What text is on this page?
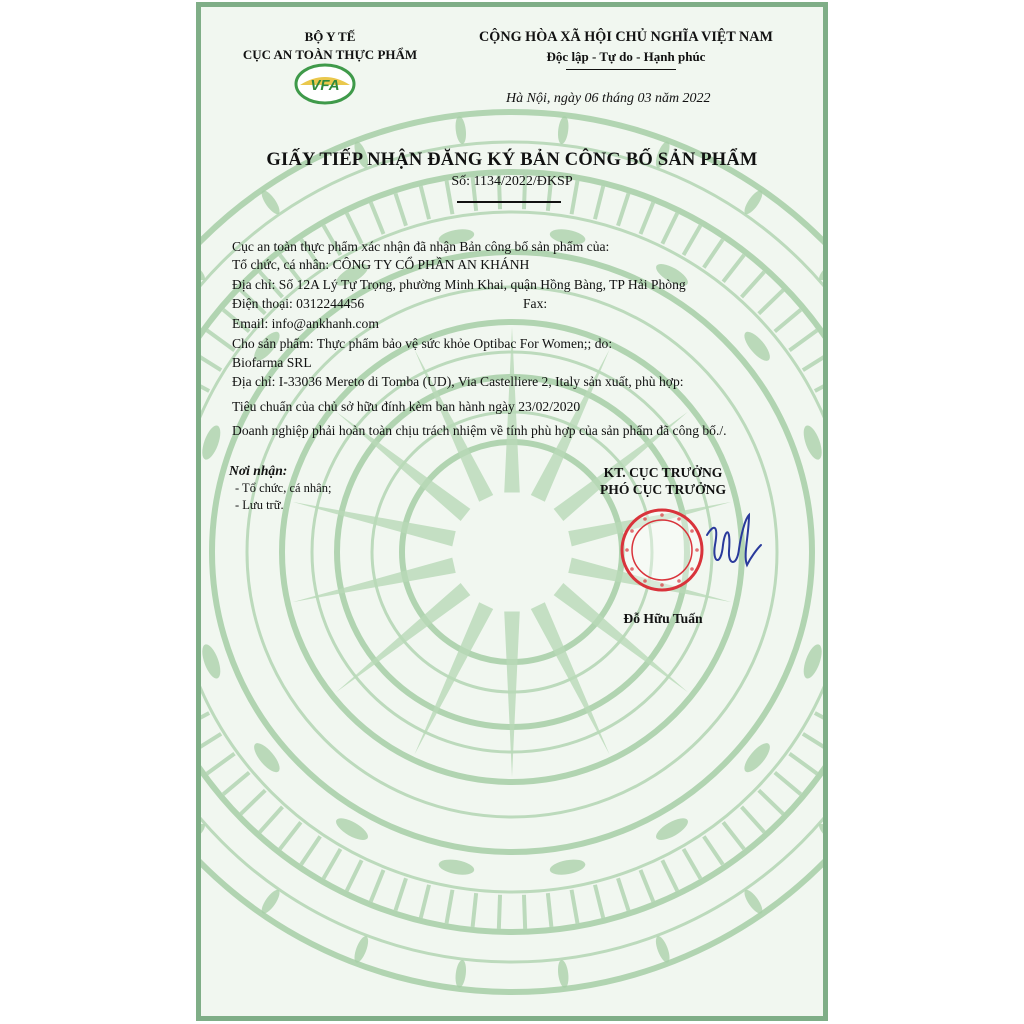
BỘ Y TẾ
CỤC AN TOÀN THỰC PHẨM
VFA
CỘNG HÒA XÃ HỘI CHỦ NGHĨA VIỆT NAM
Độc lập - Tự do - Hạnh phúc
Hà Nội, ngày 06 tháng 03 năm 2022
GIẤY TIẾP NHẬN ĐĂNG KÝ BẢN CÔNG BỐ SẢN PHẨM
Số: 1134/2022/ĐKSP
Cục an toàn thực phẩm xác nhận đã nhận Bản công bố sản phẩm của:
Tổ chức, cá nhân: CÔNG TY CỔ PHẦN AN KHÁNH
Địa chỉ: Số 12A Lý Tự Trọng, phường Minh Khai, quận Hồng Bàng, TP Hải Phòng
Điện thoại: 0312244456	Fax:
Email: info@ankhanh.com
Cho sản phẩm: Thực phẩm bảo vệ sức khỏe Optibac For Women;; do:
Biofarma SRL
Địa chỉ: I-33036 Mereto di Tomba (UD), Via Castelliere 2, Italy sản xuất, phù hợp:
Tiêu chuẩn của chủ sở hữu đính kèm ban hành ngày 23/02/2020
Doanh nghiệp phải hoàn toàn chịu trách nhiệm về tính phù hợp của sản phẩm đã công bố./.
Nơi nhận:
- Tổ chức, cá nhân;
- Lưu trữ.
KT. CỤC TRƯỞNG
PHÓ CỤC TRƯỞNG
Đỗ Hữu Tuấn
